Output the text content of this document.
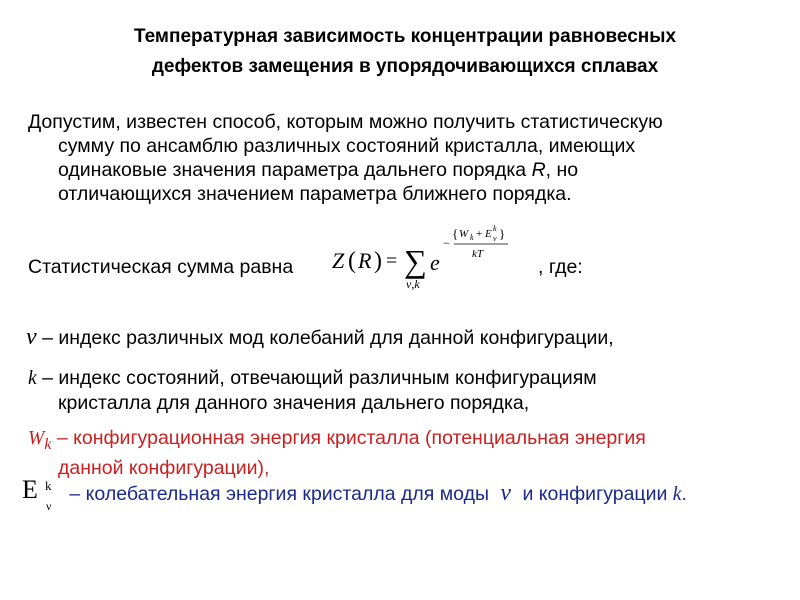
Температурная зависимость концентрации равновесных
дефектов замещения в упорядочивающихся сплавах
Допустим, известен способ, которым можно получить статистическую
сумму по ансамблю различных состояний кристалла, имеющих
одинаковые значения параметра дальнего порядка R, но
отличающихся значением параметра ближнего порядка.
Статистическая сумма равна Z ( R ) = ∑
ν,k
e
−
{ W k + E k
ν }
kT
, где:
ν – индекс различных мод колебаний для данной конфигурации,
k – индекс состояний, отвечающий различным конфигурациям
кристалла для данного значения дальнего порядка,
$W_k$ – конфигурационная энергия кристалла (потенциальная энергия
данной конфигурации),
E k
ν
– колебательная энергия кристалла для моды ν и конфигурации k.
